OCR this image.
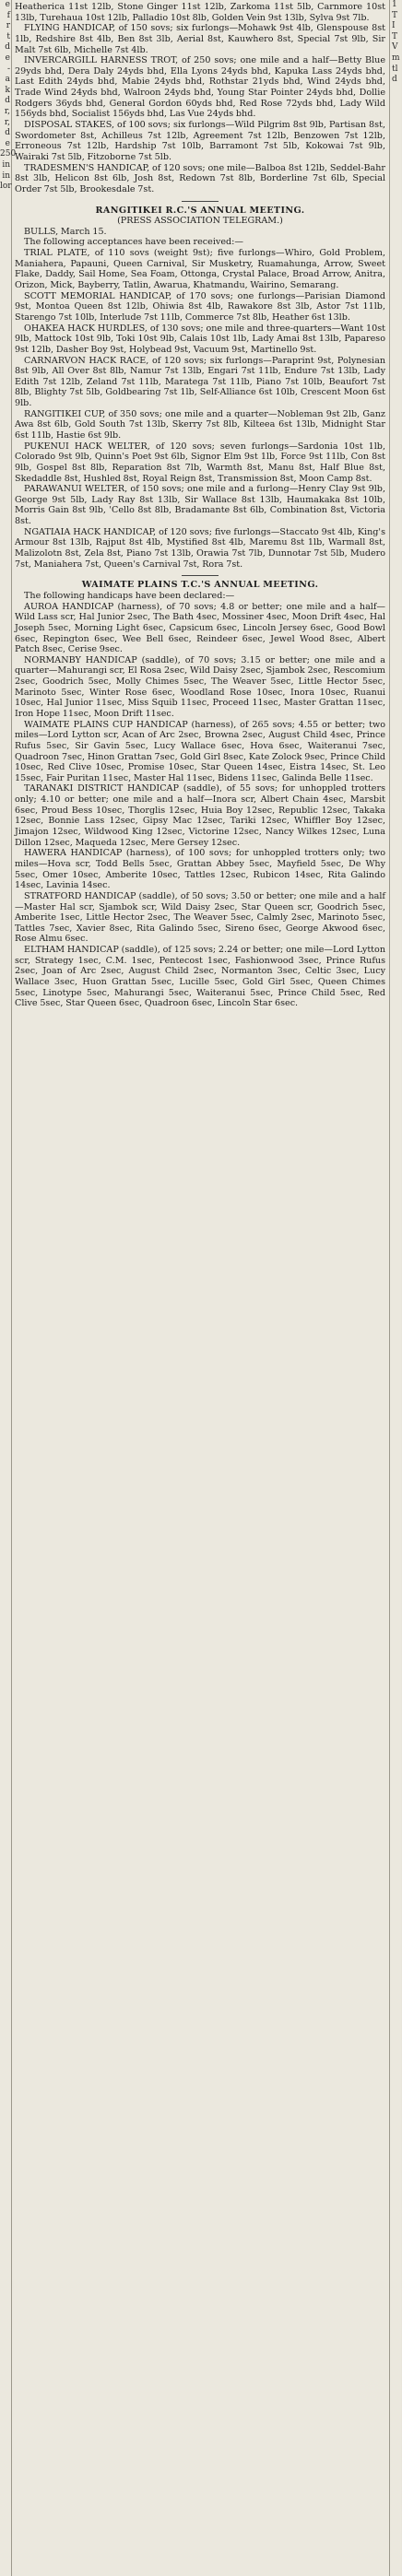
e
f
r
t
d
e
-
a
k
d
r,
r,
d
e
250
in
in
lor

Heatherica 11st 12lb, Stone Ginger 11st 12lb, Zarkoma 11st 5lb, Carnmore 10st 13lb, Turehaua 10st 12lb, Palladio 10st 8lb, Golden Vein 9st 13lb, Sylva 9st 7lb.

FLYING HANDICAP, of 150 sovs; six furlongs—Mohawk 9st 4lb, Glenspouse 8st 1lb, Redshire 8st 4lb, Ben 8st 3lb, Aerial 8st, Kauwhero 8st, Special 7st 9lb, Sir Malt 7st 6lb, Michelle 7st 4lb.

INVERCARGILL HARNESS TROT, of 250 sovs; one mile and a half—Betty Blue 29yds bhd, Dera Daly 24yds bhd, Ella Lyons 24yds bhd, Kapuka Lass 24yds bhd, Last Edith 24yds bhd, Mabie 24yds bhd, Rothstar 21yds bhd, Wind 24yds bhd, Trade Wind 24yds bhd, Walroon 24yds bhd, Young Star Pointer 24yds bhd, Dollie Rodgers 36yds bhd, General Gordon 60yds bhd, Red Rose 72yds bhd, Lady Wild 156yds bhd, Socialist 156yds bhd, Las Vue 24yds bhd.

DISPOSAL STAKES, of 100 sovs; six furlongs—Wild Pilgrim 8st 9lb, Partisan 8st, Swordometer 8st, Achilleus 7st 12lb, Agreement 7st 12lb, Benzowen 7st 12lb, Erroneous 7st 12lb, Hardship 7st 10lb, Barramont 7st 5lb, Kokowai 7st 9lb, Wairaki 7st 5lb, Fitzoborne 7st 5lb.

TRADESMEN'S HANDICAP, of 120 sovs; one mile—Balboa 8st 12lb, Seddel-Bahr 8st 3lb, Helicon 8st 6lb, Josh 8st, Redown 7st 8lb, Borderline 7st 6lb, Special Order 7st 5lb, Brookesdale 7st.

RANGITIKEI R.C.'S ANNUAL MEETING.

(PRESS ASSOCIATION TELEGRAM.)

BULLS, March 15.

The following acceptances have been received:—

TRIAL PLATE, of 110 sovs (weight 9st); five furlongs—Whiro, Gold Problem, Maniahera, Papauni, Queen Carnival, Sir Musketry, Ruamahunga, Arrow, Sweet Flake, Daddy, Sail Home, Sea Foam, Ottonga, Crystal Palace, Broad Arrow, Anitra, Orizon, Mick, Bayberry, Tatlin, Awarua, Khatmandu, Wairino, Semarang.

SCOTT MEMORIAL HANDICAP, of 170 sovs; one furlongs—Parisian Diamond 9st, Montoa Queen 8st 12lb, Ohiwia 8st 4lb, Rawakore 8st 3lb, Astor 7st 11lb, Starengo 7st 10lb, Interlude 7st 11lb, Commerce 7st 8lb, Heather 6st 13lb.

OHAKEA HACK HURDLES, of 130 sovs; one mile and three-quarters—Want 10st 9lb, Mattock 10st 9lb, Toki 10st 9lb, Calais 10st 1lb, Lady Amai 8st 13lb, Papareso 9st 12lb, Dasher Boy 9st, Holybead 9st, Vacuum 9st, Martinello 9st.

CARNARVON HACK RACE, of 120 sovs; six furlongs—Paraprint 9st, Polynesian 8st 9lb, All Over 8st 8lb, Namur 7st 13lb, Engari 7st 11lb, Endure 7st 13lb, Lady Edith 7st 12lb, Zeland 7st 11lb, Maratega 7st 11lb, Piano 7st 10lb, Beaufort 7st 8lb, Blighty 7st 5lb, Goldbearing 7st 1lb, Self-Alliance 6st 10lb, Crescent Moon 6st 9lb.

RANGITIKEI CUP, of 350 sovs; one mile and a quarter—Nobleman 9st 2lb, Ganz Awa 8st 6lb, Gold South 7st 13lb, Skerry 7st 8lb, Kilteea 6st 13lb, Midnight Star 6st 11lb, Hastie 6st 9lb.

PUKENUI HACK WELTER, of 120 sovs; seven furlongs—Sardonia 10st 1lb, Colorado 9st 9lb, Quinn's Poet 9st 6lb, Signor Elm 9st 1lb, Force 9st 11lb, Con 8st 9lb, Gospel 8st 8lb, Reparation 8st 7lb, Warmth 8st, Manu 8st, Half Blue 8st, Skedaddle 8st, Hushled 8st, Royal Reign 8st, Transmission 8st, Moon Camp 8st.

PARAWANUI WELTER, of 150 sovs; one mile and a furlong—Henry Clay 9st 9lb, George 9st 5lb, Lady Ray 8st 13lb, Sir Wallace 8st 13lb, Haumakaka 8st 10lb, Morris Gain 8st 9lb, 'Cello 8st 8lb, Bradamante 8st 6lb, Combination 8st, Victoria 8st.

NGATIAIA HACK HANDICAP, of 120 sovs; five furlongs—Staccato 9st 4lb, King's Armour 8st 13lb, Rajput 8st 4lb, Mystified 8st 4lb, Maremu 8st 1lb, Warmall 8st, Malizolotn 8st, Zela 8st, Piano 7st 13lb, Orawia 7st 7lb, Dunnotar 7st 5lb, Mudero 7st, Maniahera 7st, Queen's Carnival 7st, Rora 7st.

WAIMATE PLAINS T.C.'S ANNUAL MEETING.

The following handicaps have been declared:—

AUROA HANDICAP (harness), of 70 sovs; 4.8 or better; one mile and a half—Wild Lass scr, Hal Junior 2sec, The Bath 4sec, Mossiner 4sec, Moon Drift 4sec, Hal Joseph 5sec, Morning Light 6sec, Capsicum 6sec, Lincoln Jersey 6sec, Good Bowl 6sec, Repington 6sec, Wee Bell 6sec, Reindeer 6sec, Jewel Wood 8sec, Albert Patch 8sec, Cerise 9sec.

NORMANBY HANDICAP (saddle), of 70 sovs; 3.15 or better; one mile and a quarter—Mahurangi scr, El Rosa 2sec, Wild Daisy 2sec, Sjambok 2sec, Rescomium 2sec, Goodrich 5sec, Molly Chimes 5sec, The Weaver 5sec, Little Hector 5sec, Marinoto 5sec, Winter Rose 6sec, Woodland Rose 10sec, Inora 10sec, Ruanui 10sec, Hal Junior 11sec, Miss Squib 11sec, Proceed 11sec, Master Grattan 11sec, Iron Hope 11sec, Moon Drift 11sec.

WAIMATE PLAINS CUP HANDICAP (harness), of 265 sovs; 4.55 or better; two miles—Lord Lytton scr, Acan of Arc 2sec, Browna 2sec, August Child 4sec, Prince Rufus 5sec, Sir Gavin 5sec, Lucy Wallace 6sec, Hova 6sec, Waiteranui 7sec, Quadroon 7sec, Hinon Grattan 7sec, Gold Girl 8sec, Kate Zolock 9sec, Prince Child 10sec, Red Clive 10sec, Promise 10sec, Star Queen 14sec, Eistra 14sec, St. Leo 15sec, Fair Puritan 11sec, Master Hal 11sec, Bidens 11sec, Galinda Belle 11sec.

TARANAKI DISTRICT HANDICAP (saddle), of 55 sovs; for unhoppled trotters only; 4.10 or better; one mile and a half—Inora scr, Albert Chain 4sec, Marsbit 6sec, Proud Bess 10sec, Thorglis 12sec, Huia Boy 12sec, Republic 12sec, Takaka 12sec, Bonnie Lass 12sec, Gipsy Mac 12sec, Tariki 12sec, Whiffler Boy 12sec, Jimajon 12sec, Wildwood King 12sec, Victorine 12sec, Nancy Wilkes 12sec, Luna Dillon 12sec, Maqueda 12sec, Mere Gersey 12sec.

HAWERA HANDICAP (harness), of 100 sovs; for unhoppled trotters only; two miles—Hova scr, Todd Bells 5sec, Grattan Abbey 5sec, Mayfield 5sec, De Why 5sec, Omer 10sec, Amberite 10sec, Tattles 12sec, Rubicon 14sec, Rita Galindo 14sec, Lavinia 14sec.

STRATFORD HANDICAP (saddle), of 50 sovs; 3.50 or better; one mile and a half—Master Hal scr, Sjambok scr, Wild Daisy 2sec, Star Queen scr, Goodrich 5sec, Amberite 1sec, Little Hector 2sec, The Weaver 5sec, Calmly 2sec, Marinoto 5sec, Tattles 7sec, Xavier 8sec, Rita Galindo 5sec, Sireno 6sec, George Akwood 6sec, Rose Almu 6sec.

ELTHAM HANDICAP (saddle), of 125 sovs; 2.24 or better; one mile—Lord Lytton scr, Strategy 1sec, C.M. 1sec, Pentecost 1sec, Fashionwood 3sec, Prince Rufus 2sec, Joan of Arc 2sec, August Child 2sec, Normanton 3sec, Celtic 3sec, Lucy Wallace 3sec, Huon Grattan 5sec, Lucille 5sec, Gold Girl 5sec, Queen Chimes 5sec, Linotype 5sec, Mahurangi 5sec, Waiteranui 5sec, Prince Child 5sec, Red Clive 5sec, Star Queen 6sec, Quadroon 6sec, Lincoln Star 6sec.

1
T
I
T
V
m
tl
d
